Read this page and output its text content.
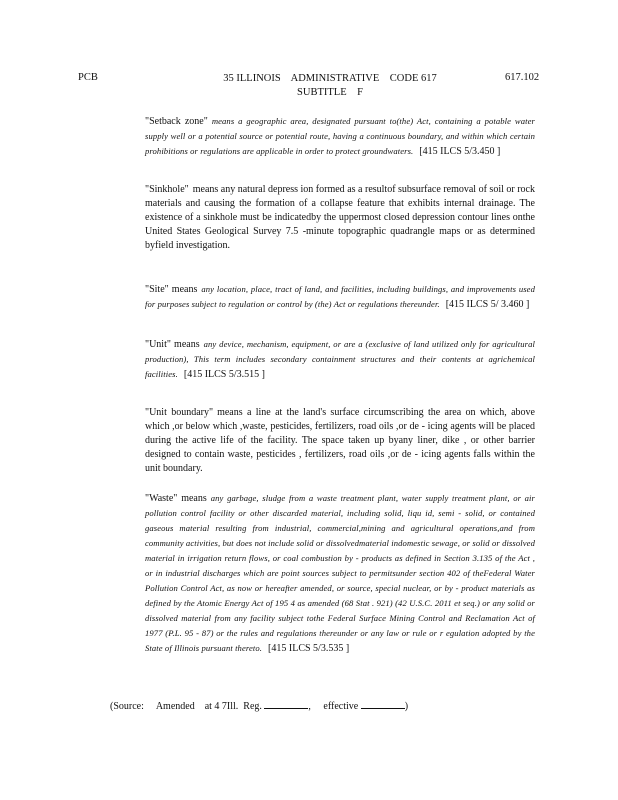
PCB	35 ILLINOIS    ADMINISTRATIVE    CODE 617
SUBTITLE    F
617.102
"Setback zone" means a geographic area, designated pursuant to(the) Act, containing a potable water supply well or a potential source or potential route, having a continuous boundary, and within which certain prohibitions or regulations are applicable in order to protect groundwaters. [415 ILCS 5/3.450 ]
"Sinkhole" means any natural depress ion formed as a resultof subsurface removal of soil or rock materials and causing the formation of a collapse feature that exhibits internal drainage. The existence of a sinkhole must be indicatedby the uppermost closed depression contour lines onthe United States Geological Survey 7.5 -minute topographic quadrangle maps or as determined byfield investigation.
"Site" means any location, place, tract of land, and facilities, including buildings, and improvements used for purposes subject to regulation or control by (the) Act or regulations thereunder. [415 ILCS 5/ 3.460 ]
"Unit" means any device, mechanism, equipment, or are a (exclusive of land utilized only for agricultural production), This term includes secondary containment structures and their contents at agrichemical facilities. [415 ILCS 5/3.515 ]
"Unit boundary" means a line at the land's surface circumscribing the area on which, above which ,or below which ,waste, pesticides, fertilizers, road oils ,or de - icing agents will be placed during the active life of the facility. The space taken up byany liner, dike , or other barrier designed to contain waste, pesticides , fertilizers, road oils ,or de - icing agents falls within the unit boundary.
"Waste" means any garbage, sludge from a waste treatment plant, water supply treatment plant, or air pollution control facility or other discarded material, including solid, liqu id, semi - solid, or contained gaseous material resulting from industrial, commercial,mining and agricultural operations,and from community activities, but does not include solid or dissolvedmaterial indomestic sewage, or solid or dissolved material in irrigation return flows, or coal combustion by - products as defined in Section 3.135 of the Act , or in industrial discharges which are point sources subject to permitsunder section 402 of theFederal Water Pollution Control Act, as now or hereafter amended, or source, special nuclear, or by - product materials as defined by the Atomic Energy Act of 195 4 as amended (68 Stat . 921) (42 U.S.C. 2011 et seq.) or any solid or dissolved material from any facility subject tothe Federal Surface Mining Control and Reclamation Act of 1977 (P.L. 95 - 87) or the rules and regulations thereunder or any law or rule or r egulation adopted by the State of Illinois pursuant thereto. [415 ILCS 5/3.535 ]
(Source:     Amended    at 4 7Ill.  Reg.	,     effective	)
